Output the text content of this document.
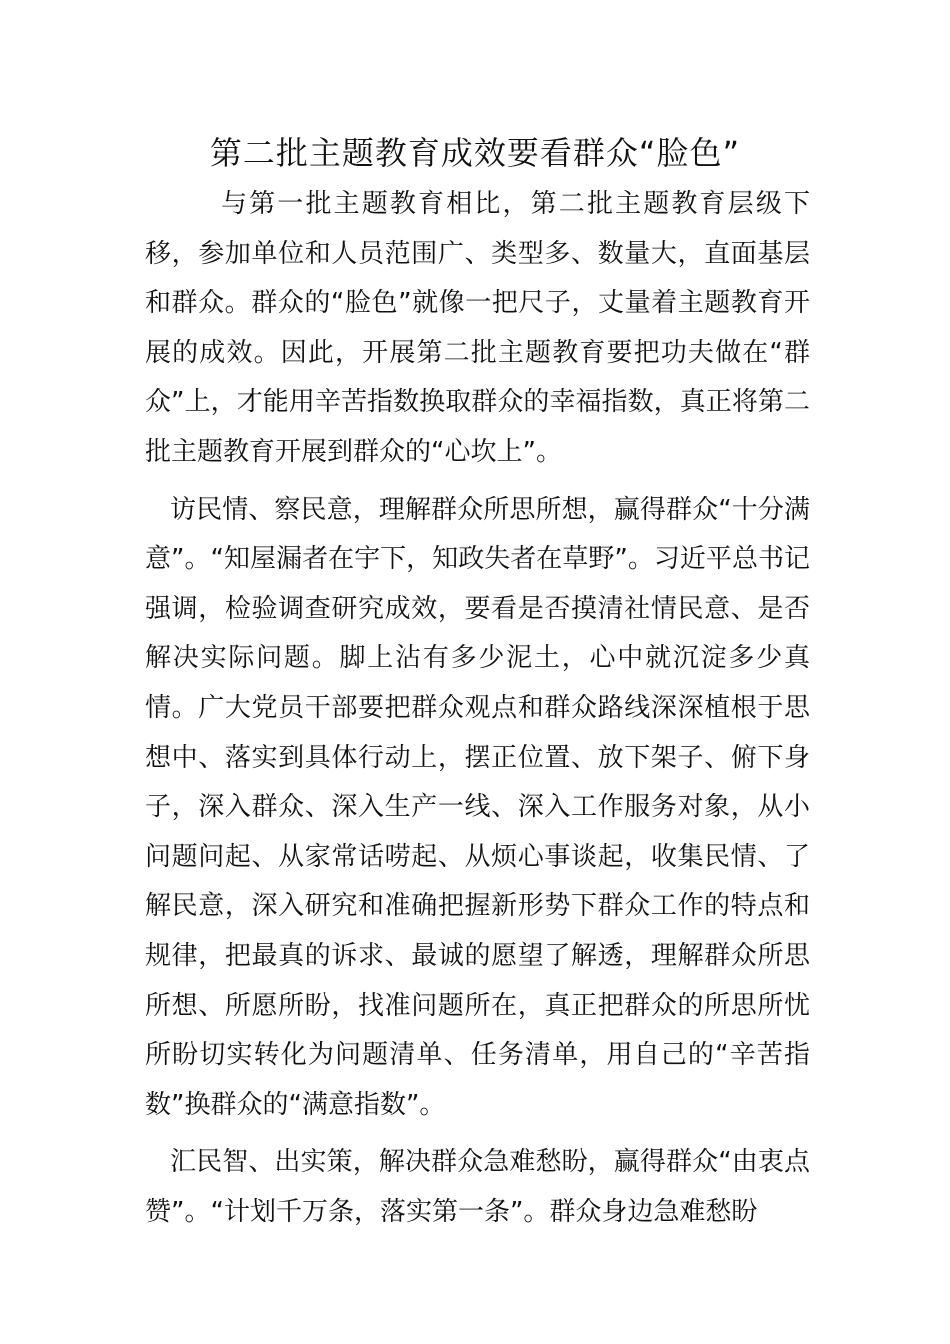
第二批主题教育成效要看群众“脸色”

与第一批主题教育相比，第二批主题教育层级下移，参加单位和人员范围广、类型多、数量大，直面基层和群众。群众的“脸色”就像一把尺子，丈量着主题教育开展的成效。因此，开展第二批主题教育要把功夫做在“群众”上，才能用辛苦指数换取群众的幸福指数，真正将第二批主题教育开展到群众的“心坎上”。

访民情、察民意，理解群众所思所想，赢得群众“十分满意”。“知屋漏者在宇下，知政失者在草野”。习近平总书记强调，检验调查研究成效，要看是否摸清社情民意、是否解决实际问题。脚上沾有多少泥土，心中就沉淀多少真情。广大党员干部要把群众观点和群众路线深深植根于思想中、落实到具体行动上，摆正位置、放下架子、俯下身子，深入群众、深入生产一线、深入工作服务对象，从小问题问起、从家常话唠起、从烦心事谈起，收集民情、了解民意，深入研究和准确把握新形势下群众工作的特点和规律，把最真的诉求、最诚的愿望了解透，理解群众所思所想、所愿所盼，找准问题所在，真正把群众的所思所忧所盼切实转化为问题清单、任务清单，用自己的“辛苦指数”换群众的“满意指数”。

汇民智、出实策，解决群众急难愁盼，赢得群众“由衷点赞”。“计划千万条，落实第一条”。群众身边急难愁盼
